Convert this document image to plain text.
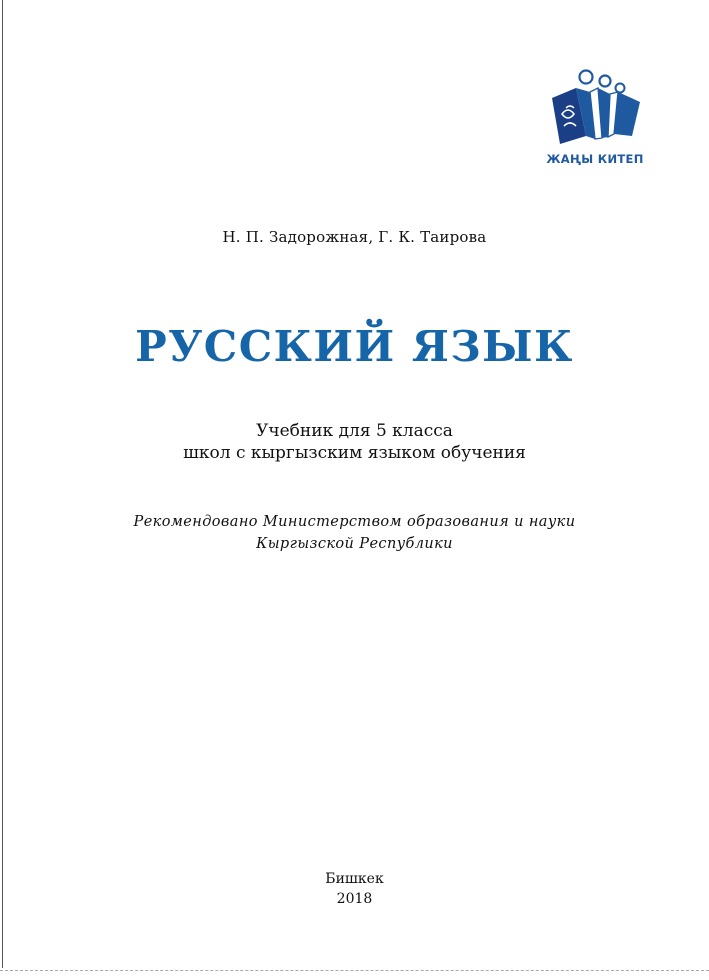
ЖАҢЫ КИТЕП
Н. П. Задорожная, Г. К. Таирова
РУССКИЙ ЯЗЫК
Учебник для 5 класса
школ с кыргызским языком обучения
Рекомендовано Министерством образования и науки
Кыргызской Республики
Бишкек
2018
